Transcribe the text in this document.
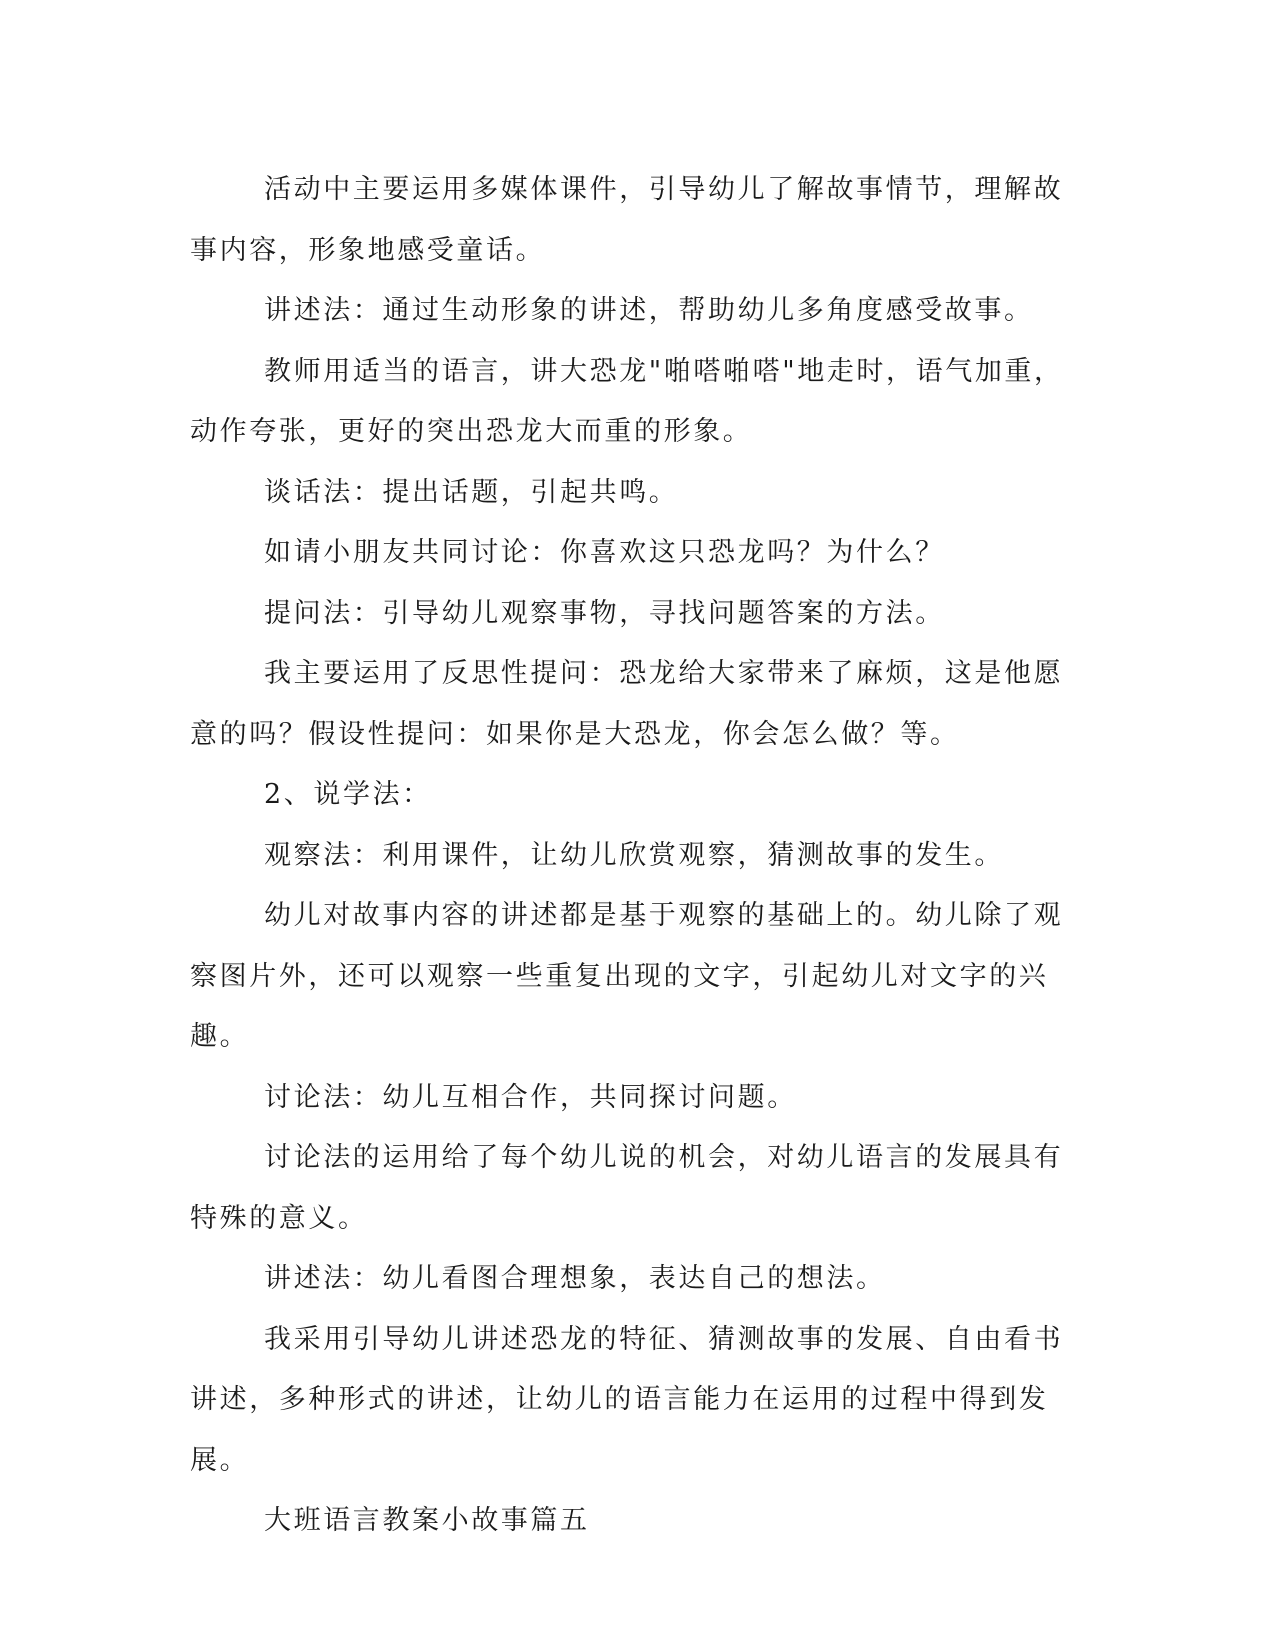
活动中主要运用多媒体课件，引导幼儿了解故事情节，理解故事内容，形象地感受童话。

讲述法：通过生动形象的讲述，帮助幼儿多角度感受故事。

教师用适当的语言，讲大恐龙"啪嗒啪嗒"地走时，语气加重，动作夸张，更好的突出恐龙大而重的形象。

谈话法：提出话题，引起共鸣。

如请小朋友共同讨论：你喜欢这只恐龙吗？为什么？

提问法：引导幼儿观察事物，寻找问题答案的方法。

我主要运用了反思性提问：恐龙给大家带来了麻烦，这是他愿意的吗？假设性提问：如果你是大恐龙，你会怎么做？等。

2、说学法：

观察法：利用课件，让幼儿欣赏观察，猜测故事的发生。

幼儿对故事内容的讲述都是基于观察的基础上的。幼儿除了观察图片外，还可以观察一些重复出现的文字，引起幼儿对文字的兴趣。

讨论法：幼儿互相合作，共同探讨问题。

讨论法的运用给了每个幼儿说的机会，对幼儿语言的发展具有特殊的意义。

讲述法：幼儿看图合理想象，表达自己的想法。

我采用引导幼儿讲述恐龙的特征、猜测故事的发展、自由看书讲述，多种形式的讲述，让幼儿的语言能力在运用的过程中得到发展。

大班语言教案小故事篇五
